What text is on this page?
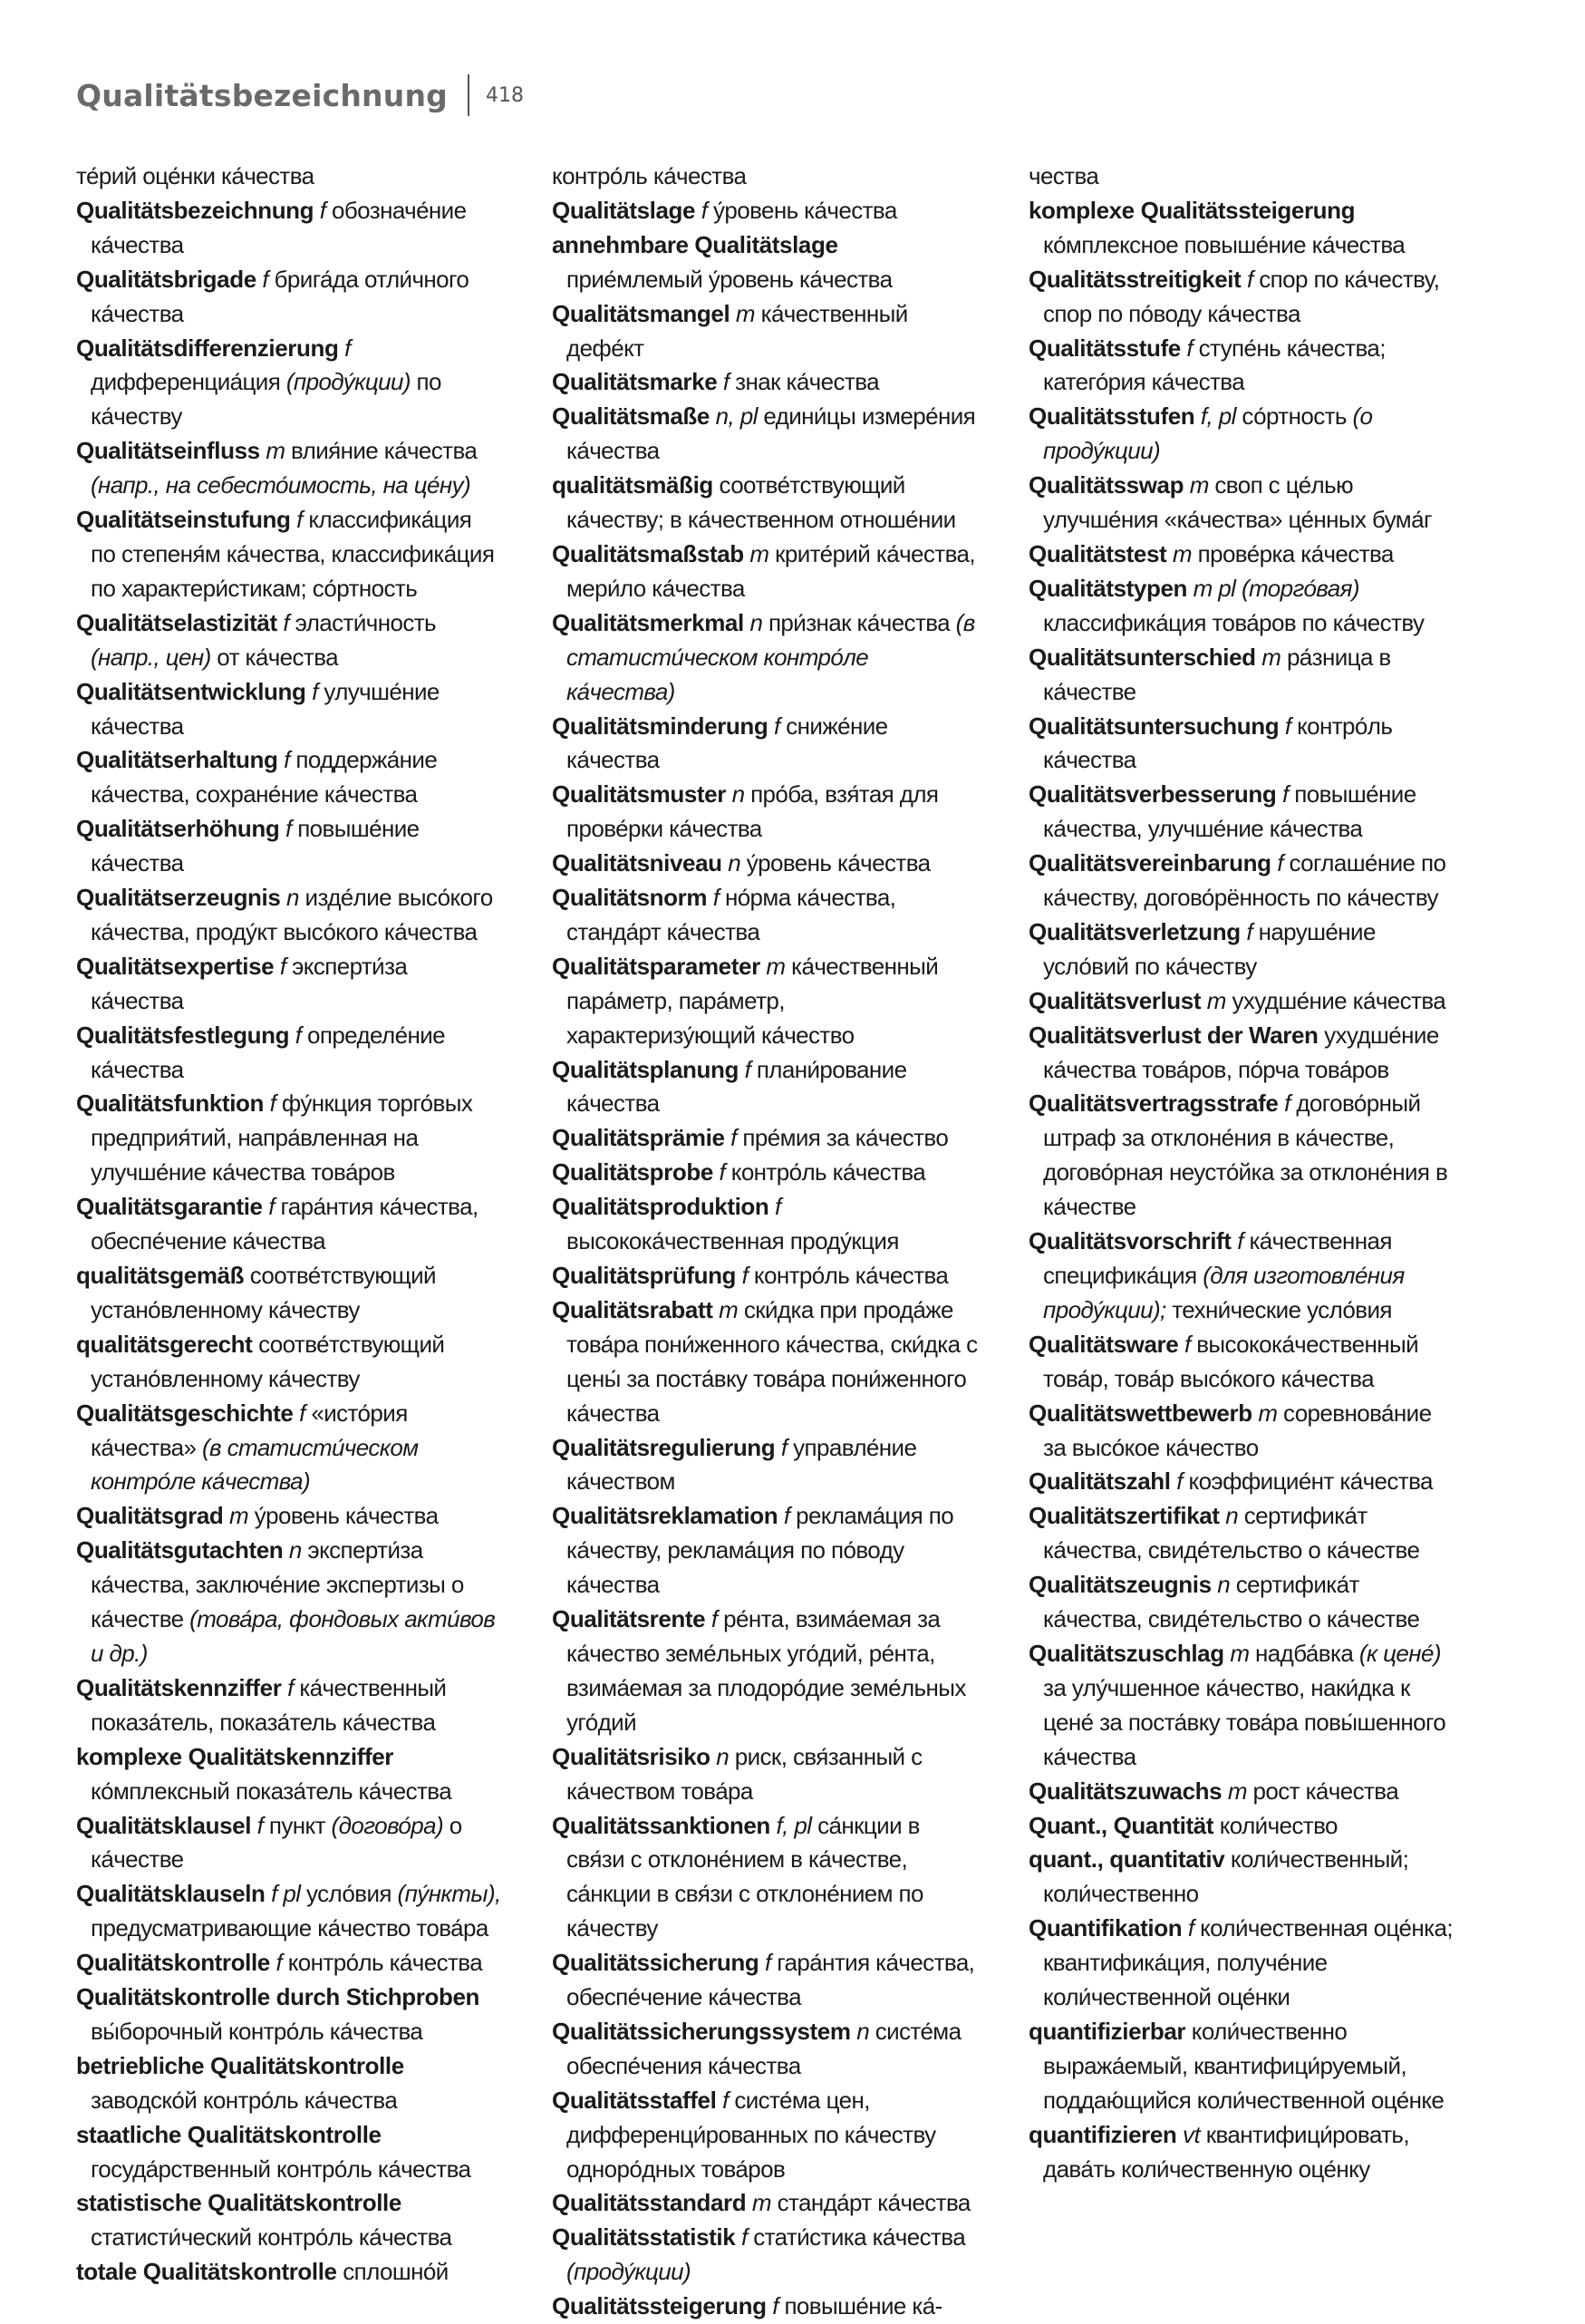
Qualitätsbezeichnung 418

те́рий оце́нки ка́чества

Qualitätsbezeichnung f обозначе́ние ка́чества

Qualitätsbrigade f брига́да отли́чного ка́чества

Qualitätsdifferenzierung f дифференциа́ция (проду́кции) по ка́честву

Qualitätseinfluss m влия́ние ка́чества (напр., на себесто́имость, на це́ну)

Qualitätseinstufung f классифика́ция по степеня́м ка́чества, классифика́ция по характери́стикам; со́ртность

Qualitätselastizität f эласти́чность (напр., цен) от ка́чества

Qualitätsentwicklung f улучше́ние ка́чества

Qualitätserhaltung f поддержа́ние ка́чества, сохране́ние ка́чества

Qualitätserhöhung f повыше́ние ка́чества

Qualitätserzeugnis n изде́лие высо́кого ка́чества, проду́кт высо́кого ка́чества

Qualitätsexpertise f эксперти́за ка́чества

Qualitätsfestlegung f определе́ние ка́чества

Qualitätsfunktion f фу́нкция торго́вых предприя́тий, напра́вленная на улучше́ние ка́чества това́ров

Qualitätsgarantie f гара́нтия ка́чества, обеспе́чение ка́чества

qualitätsgemäß соотве́тствующий устано́вленному ка́честву

qualitätsgerecht соотве́тствующий устано́вленному ка́честву

Qualitätsgeschichte f «исто́рия ка́чества» (в статисти́ческом контро́ле ка́чества)

Qualitätsgrad m у́ровень ка́чества

Qualitätsgutachten n эксперти́за ка́чества, заключе́ние экспертизы о ка́честве (това́ра, фондовых акти́вов и др.)

Qualitätskennziffer f ка́чественный показа́тель, показа́тель ка́чества

komplexe Qualitätskennziffer ко́мплексный показа́тель ка́чества

Qualitätsklausel f пункт (догово́ра) о ка́честве

Qualitätsklauseln f pl усло́вия (пу́нкты), предусматривающие ка́чество това́ра

Qualitätskontrolle f контро́ль ка́чества

Qualitätskontrolle durch Stichproben вы́борочный контро́ль ка́чества

betriebliche Qualitätskontrolle заводско́й контро́ль ка́чества

staatliche Qualitätskontrolle госуда́рственный контро́ль ка́чества

statistische Qualitätskontrolle статисти́ческий контро́ль ка́чества

totale Qualitätskontrolle сплошно́й

контро́ль ка́чества

Qualitätslage f у́ровень ка́чества

annehmbare Qualitätslage прие́млемый у́ровень ка́чества

Qualitätsmangel m ка́чественный дефе́кт

Qualitätsmarke f знак ка́чества

Qualitätsmaße n, pl едини́цы измере́ния ка́чества

qualitätsmäßig соотве́тствующий ка́честву; в ка́чественном отноше́нии

Qualitätsmaßstab m крите́рий ка́чества, мери́ло ка́чества

Qualitätsmerkmal n при́знак ка́чества (в статисти́ческом контро́ле ка́чества)

Qualitätsminderung f сниже́ние ка́чества

Qualitätsmuster n про́ба, взя́тая для прове́рки ка́чества

Qualitätsniveau n у́ровень ка́чества

Qualitätsnorm f но́рма ка́чества, станда́рт ка́чества

Qualitätsparameter m ка́чественный пара́метр, пара́метр, характеризу́ющий ка́чество

Qualitätsplanung f плани́рование ка́чества

Qualitätsprämie f пре́мия за ка́чество

Qualitätsprobe f контро́ль ка́чества

Qualitätsproduktion f высокока́чественная проду́кция

Qualitätsprüfung f контро́ль ка́чества

Qualitätsrabatt m ски́дка при прода́же това́ра пони́женного ка́чества, ски́дка с цены́ за поста́вку това́ра пони́женного ка́чества

Qualitätsregulierung f управле́ние ка́чеством

Qualitätsreklamation f реклама́ция по ка́честву, реклама́ция по по́воду ка́чества

Qualitätsrente f ре́нта, взима́емая за ка́чество земе́льных уго́дий, ре́нта, взима́емая за плодоро́дие земе́льных уго́дий

Qualitätsrisiko n риск, свя́занный с ка́чеством това́ра

Qualitätssanktionen f, pl са́нкции в свя́зи с отклоне́нием в ка́честве, са́нкции в свя́зи с отклоне́нием по ка́честву

Qualitätssicherung f гара́нтия ка́чества, обеспе́чение ка́чества

Qualitätssicherungssystem n систе́ма обеспе́чения ка́чества

Qualitätsstaffel f систе́ма цен, дифференци́рованных по ка́честву одноро́дных това́ров

Qualitätsstandard m станда́рт ка́чества

Qualitätsstatistik f стати́стика ка́чества (проду́кции)

Qualitätssteigerung f повыше́ние ка́-

чества

komplexe Qualitätssteigerung ко́мплексное повыше́ние ка́чества

Qualitätsstreitigkeit f спор по ка́честву, спор по по́воду ка́чества

Qualitätsstufe f ступе́нь ка́чества; катего́рия ка́чества

Qualitätsstufen f, pl со́ртность (о проду́кции)

Qualitätsswap m своп с це́лью улучше́ния «ка́чества» це́нных бума́г

Qualitätstest m прове́рка ка́чества

Qualitätstypen m pl (торго́вая) классифика́ция това́ров по ка́честву

Qualitätsunterschied m ра́зница в ка́честве

Qualitätsuntersuchung f контро́ль ка́чества

Qualitätsverbesserung f повыше́ние ка́чества, улучше́ние ка́чества

Qualitätsvereinbarung f соглаше́ние по ка́честву, догово́рённость по ка́честву

Qualitätsverletzung f наруше́ние усло́вий по ка́честву

Qualitätsverlust m ухудше́ние ка́чества

Qualitätsverlust der Waren ухудше́ние ка́чества това́ров, по́рча това́ров

Qualitätsvertragsstrafe f догово́рный штраф за отклоне́ния в ка́честве, догово́рная неусто́йка за отклоне́ния в ка́честве

Qualitätsvorschrift f ка́чественная специфика́ция (для изготовле́ния проду́кции); техни́ческие усло́вия

Qualitätsware f высокока́чественный това́р, това́р высо́кого ка́чества

Qualitätswettbewerb m соревнова́ние за высо́кое ка́чество

Qualitätszahl f коэффицие́нт ка́чества

Qualitätszertifikat n сертифика́т ка́чества, свиде́тельство о ка́честве

Qualitätszeugnis n сертифика́т ка́чества, свиде́тельство о ка́честве

Qualitätszuschlag m надба́вка (к цене́) за улу́чшенное ка́чество, наки́дка к цене́ за поста́вку това́ра повы́шенного ка́чества

Qualitätszuwachs m рост ка́чества

Quant., Quantität коли́чество

quant., quantitativ коли́чественный; коли́чественно

Quantifikation f коли́чественная оце́нка; квантифика́ция, получе́ние коли́чественной оце́нки

quantifizierbar коли́чественно выража́емый, квантифици́руемый, поддаю́щийся коли́чественной оце́нке

quantifizieren vt квантифици́ровать, дава́ть коли́чественную оце́нку
